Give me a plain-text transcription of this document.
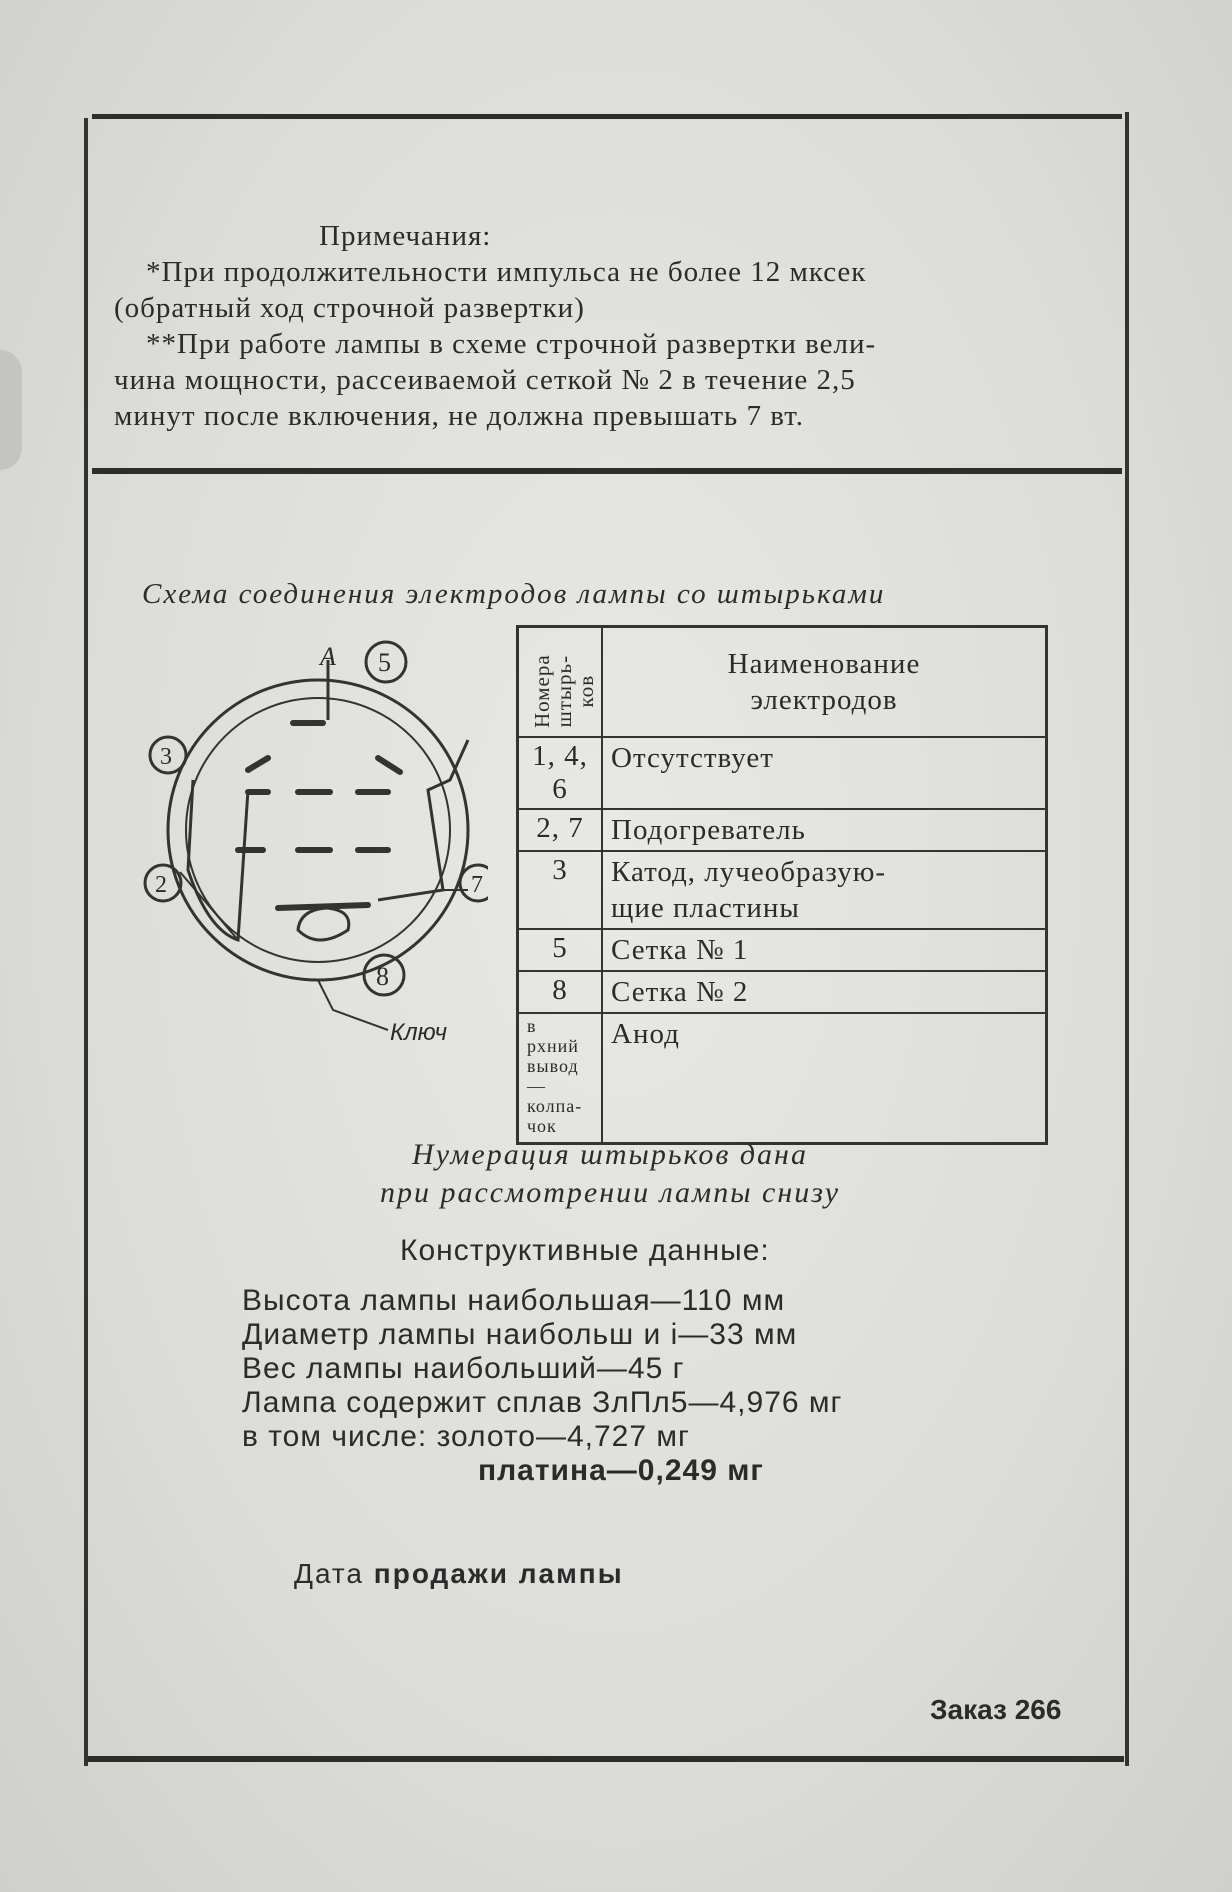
Примечания:
*При продолжительности импульса не более 12 мксек
(обратный ход строчной развертки)
**При работе лампы в схеме строчной развертки вели-
чина мощности, рассеиваемой сеткой № 2 в течение 2,5
минут после включения, не должна превышать 7 вт.
Схема соединения электродов лампы со штырьками
А 5
3
2	7
8
Ключ
Номера
штырь-
ков	Наименование
электродов
1, 4, 6	Отсутствует
2, 7	Подогреватель
3	Катод, лучеобразую-
щие пластины
5	Сетка № 1
8	Сетка № 2
в рхний
вывод—
колпа-
чок	Анод
Нумерация штырьков дана
при рассмотрении лампы снизу
Конструктивные данные:
Высота лампы наибольшая—110 мм
Диаметр лампы наибольш и і—33 мм
Вес лампы наибольший—45 г
Лампа содержит сплав ЗлПл5—4,976 мг
в том числе: золото—4,727 мг
платина—0,249 мг
Дата продажи лампы
Заказ 266
